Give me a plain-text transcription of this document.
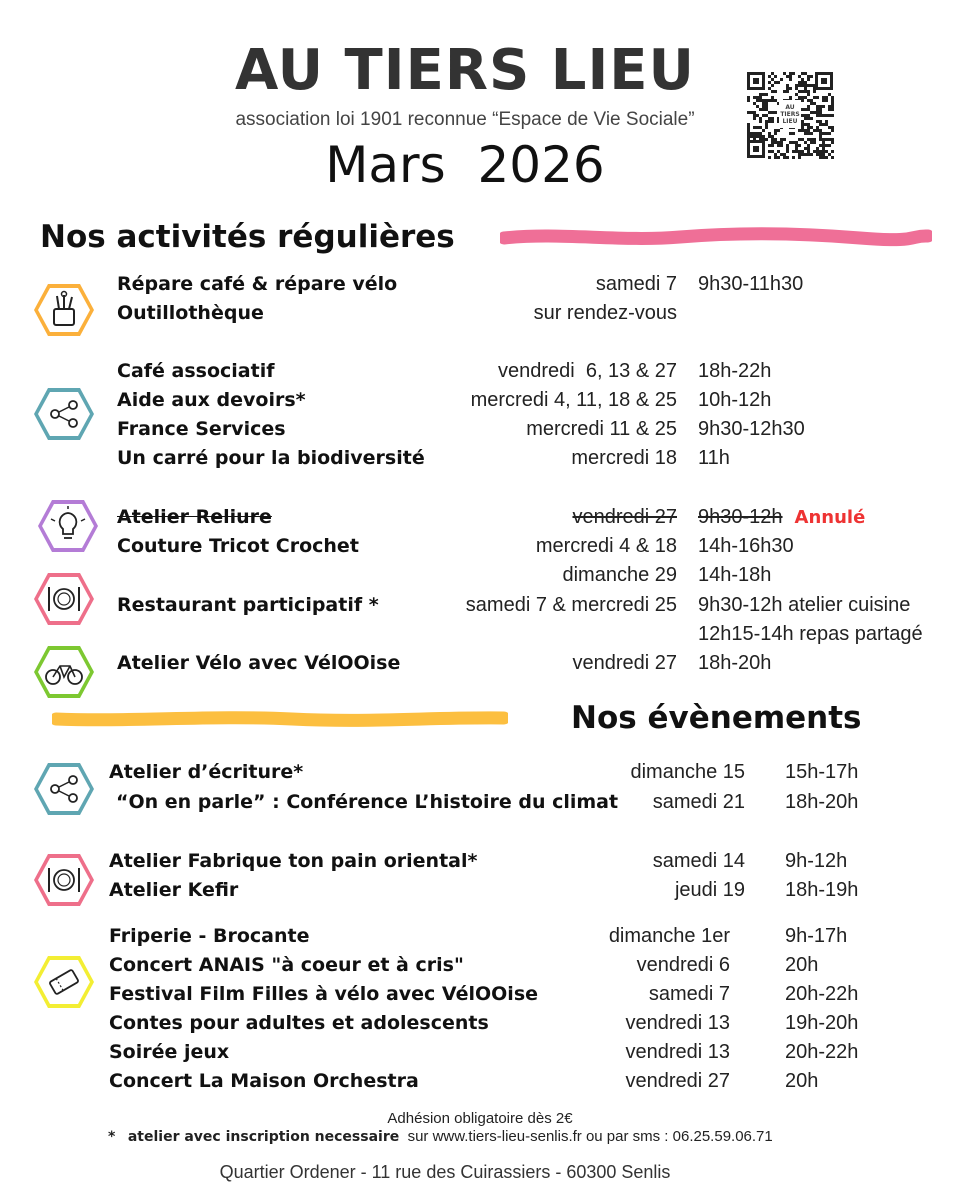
AU TIERS LIEU
association loi 1901 reconnue “Espace de Vie Sociale”
Mars  2026
AU
TIERS
LIEU
Nos activités régulières
Répare café & répare vélo	samedi 7 9h30-11h30
Outillothèque	sur rendez-vous
Café associatif	vendredi  6, 13 & 27 18h-22h
Aide aux devoirs*	mercredi 4, 11, 18 & 25 10h-12h
France Services	mercredi 11 & 25 9h30-12h30
Un carré pour la biodiversité	mercredi 18 11h
Atelier Reliure	vendredi 27 9h30-12h Annulé
Couture Tricot Crochet	mercredi 4 & 18 14h-16h30
dimanche 29 14h-18h
Restaurant participatif *	samedi 7 & mercredi 25 9h30-12h atelier cuisine
12h15-14h repas partagé
Atelier Vélo avec VélOOise	vendredi 27 18h-20h
Nos évènements
Atelier d’écriture*	dimanche 15 15h-17h
“On en parle” : Conférence L’histoire du climat samedi 21 18h-20h
Atelier Fabrique ton pain oriental*	samedi 14 9h-12h
Atelier Kefir	jeudi 19 18h-19h
Friperie - Brocante	dimanche 1er	9h-17h
Concert ANAIS "à coeur et à cris"	vendredi 6	20h
Festival Film Filles à vélo avec VélOOise	samedi 7	20h-22h
Contes pour adultes et adolescents	vendredi 13	19h-20h
Soirée jeux	vendredi 13	20h-22h
Concert La Maison Orchestra	vendredi 27	20h
Adhésion obligatoire dès 2€
* atelier avec inscription necessaire sur www.tiers-lieu-senlis.fr ou par sms : 06.25.59.06.71
Quartier Ordener - 11 rue des Cuirassiers - 60300 Senlis
